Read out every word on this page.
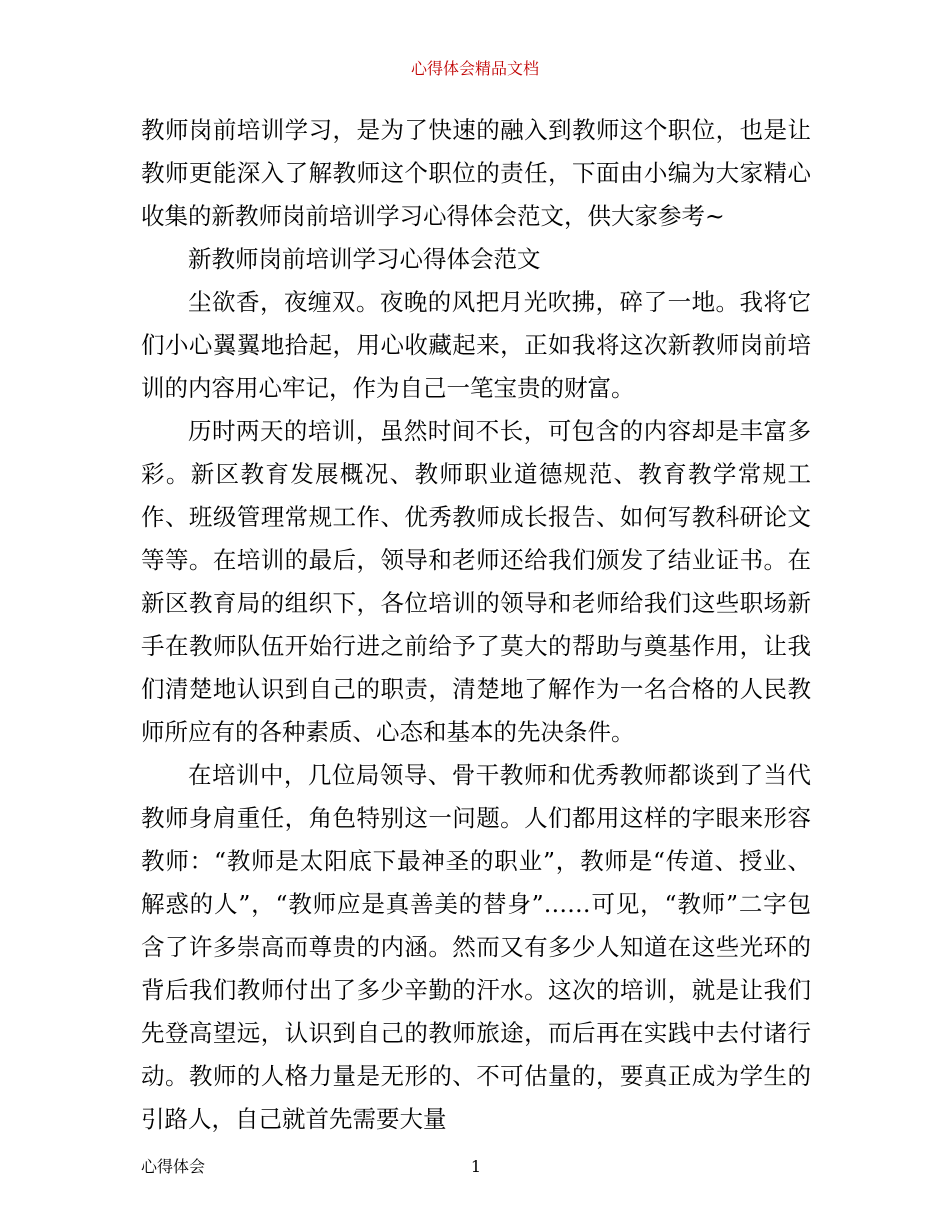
心得体会精品文档

教师岗前培训学习，是为了快速的融入到教师这个职位，也是让教师更能深入了解教师这个职位的责任，下面由小编为大家精心收集的新教师岗前培训学习心得体会范文，供大家参考~

新教师岗前培训学习心得体会范文

尘欲香，夜缠双。夜晚的风把月光吹拂，碎了一地。我将它们小心翼翼地拾起，用心收藏起来，正如我将这次新教师岗前培训的内容用心牢记，作为自己一笔宝贵的财富。

历时两天的培训，虽然时间不长，可包含的内容却是丰富多彩。新区教育发展概况、教师职业道德规范、教育教学常规工作、班级管理常规工作、优秀教师成长报告、如何写教科研论文等等。在培训的最后，领导和老师还给我们颁发了结业证书。在新区教育局的组织下，各位培训的领导和老师给我们这些职场新手在教师队伍开始行进之前给予了莫大的帮助与奠基作用，让我们清楚地认识到自己的职责，清楚地了解作为一名合格的人民教师所应有的各种素质、心态和基本的先决条件。

在培训中，几位局领导、骨干教师和优秀教师都谈到了当代教师身肩重任，角色特别这一问题。人们都用这样的字眼来形容教师：“教师是太阳底下最神圣的职业”，教师是“传道、授业、解惑的人”，“教师应是真善美的替身”……可见，“教师”二字包含了许多崇高而尊贵的内涵。然而又有多少人知道在这些光环的背后我们教师付出了多少辛勤的汗水。这次的培训，就是让我们先登高望远，认识到自己的教师旅途，而后再在实践中去付诸行动。教师的人格力量是无形的、不可估量的，要真正成为学生的引路人，自己就首先需要大量

心得体会	1
